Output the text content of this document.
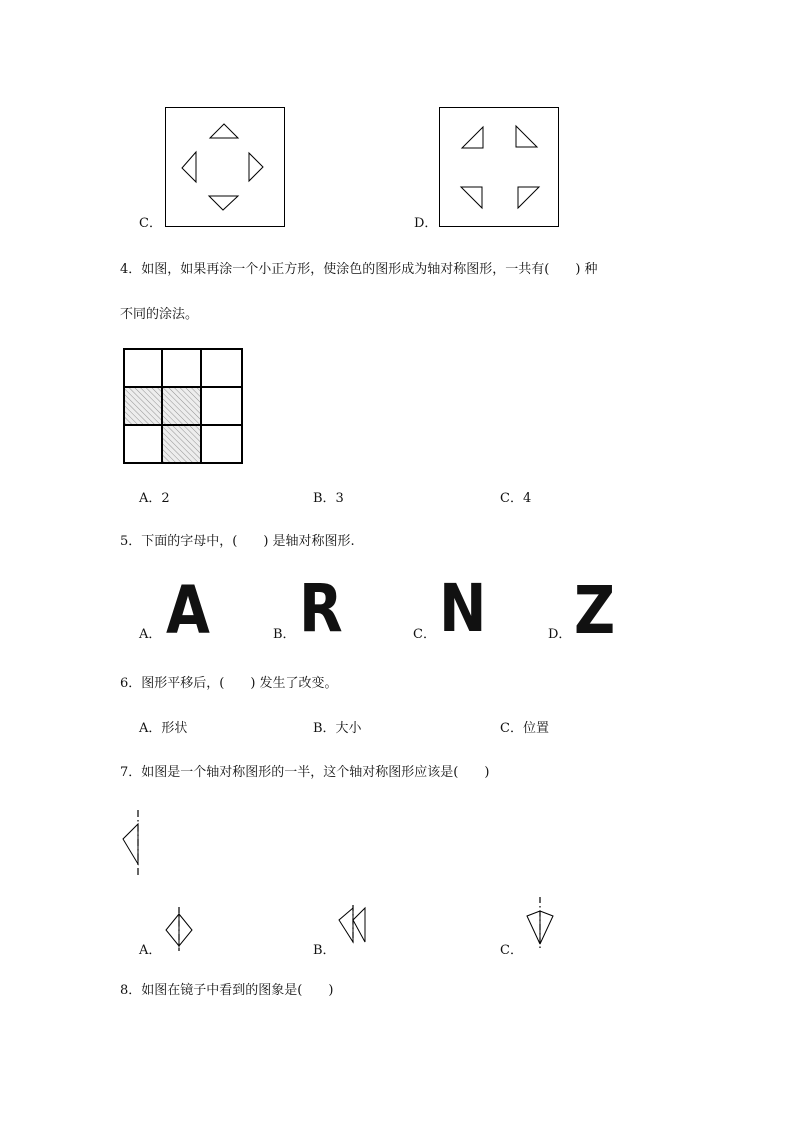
C．	D．
4．如图，如果再涂一个小正方形，使涂色的图形成为轴对称图形，一共有(　　) 种
不同的涂法。
A．2	B．3	C．4
5．下面的字母中，(　　) 是轴对称图形.
A． A	B． R	C． N	D． Z
6．图形平移后，(　　) 发生了改变。
A．形状	B．大小	C．位置
7．如图是一个轴对称图形的一半，这个轴对称图形应该是(　　)
A．	B．	C．
8．如图在镜子中看到的图象是(　　)
